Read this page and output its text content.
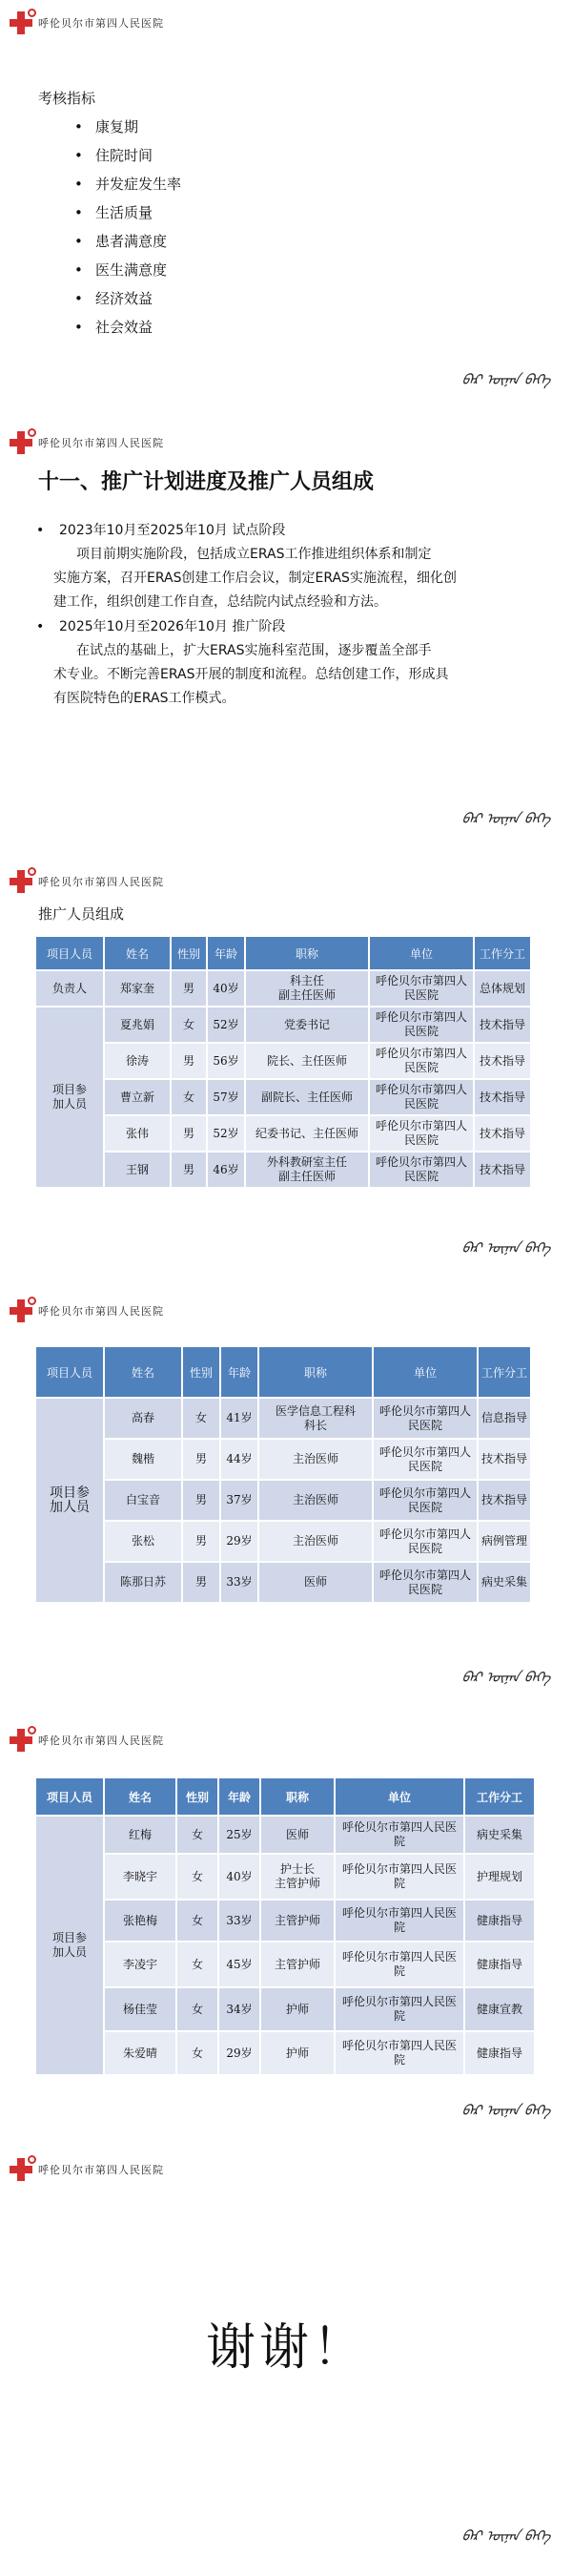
呼伦贝尔市第四人民医院
考核指标
• 康复期
• 住院时间
• 并发症发生率
• 生活质量
• 患者满意度
• 医生满意度
• 经济效益
• 社会效益
ᠪᠠᠷ ᠦᠨᠡᠨ ᠪᠡᠭᠡ
呼伦贝尔市第四人民医院
十一、推广计划进度及推广人员组成
• 2023年10月至2025年10月 试点阶段
项目前期实施阶段，包括成立ERAS工作推进组织体系和制定
实施方案，召开ERAS创建工作启会议，制定ERAS实施流程，细化创
建工作，组织创建工作自查，总结院内试点经验和方法。
• 2025年10月至2026年10月 推广阶段
在试点的基础上，扩大ERAS实施科室范围，逐步覆盖全部手
术专业。不断完善ERAS开展的制度和流程。总结创建工作，形成具
有医院特色的ERAS工作模式。
ᠪᠠᠷ ᠦᠨᠡᠨ ᠪᠡᠭᠡ
呼伦贝尔市第四人民医院
推广人员组成
项目人员	姓名	性别	年龄	职称	单位	工作分工
负责人	郑家奎	男	40岁	科主任
副主任医师	呼伦贝尔市第四人民医院	总体规划
项目参加人员	夏兆娟	女	52岁	党委书记	呼伦贝尔市第四人民医院	技术指导
	徐涛	男	56岁	院长、主任医师	呼伦贝尔市第四人民医院	技术指导
	曹立新	女	57岁	副院长、主任医师	呼伦贝尔市第四人民医院	技术指导
	张伟	男	52岁	纪委书记、主任医师	呼伦贝尔市第四人民医院	技术指导
	王钢	男	46岁	外科教研室主任
副主任医师	呼伦贝尔市第四人民医院	技术指导
ᠪᠠᠷ ᠦᠨᠡᠨ ᠪᠡᠭᠡ
呼伦贝尔市第四人民医院
项目人员	姓名	性别	年龄	职称	单位	工作分工
项目参加人员	高春	女	41岁	医学信息工程科
科长	呼伦贝尔市第四人民医院	信息指导
	魏楷	男	44岁	主治医师	呼伦贝尔市第四人民医院	技术指导
	白宝音	男	37岁	主治医师	呼伦贝尔市第四人民医院	技术指导
	张松	男	29岁	主治医师	呼伦贝尔市第四人民医院	病例管理
	陈那日苏	男	33岁	医师	呼伦贝尔市第四人民医院	病史采集
ᠪᠠᠷ ᠦᠨᠡᠨ ᠪᠡᠭᠡ
呼伦贝尔市第四人民医院
项目人员	姓名	性别	年龄	职称	单位	工作分工
项目参加人员	红梅	女	25岁	医师	呼伦贝尔市第四人民医院	病史采集
	李晓宇	女	40岁	护士长
主管护师	呼伦贝尔市第四人民医院	护理规划
	张艳梅	女	33岁	主管护师	呼伦贝尔市第四人民医院	健康指导
	李凌宇	女	45岁	主管护师	呼伦贝尔市第四人民医院	健康指导
	杨佳莹	女	34岁	护师	呼伦贝尔市第四人民医院	健康宣教
	朱爱晴	女	29岁	护师	呼伦贝尔市第四人民医院	健康指导
ᠪᠠᠷ ᠦᠨᠡᠨ ᠪᠡᠭᠡ
呼伦贝尔市第四人民医院
谢谢！
ᠪᠠᠷ ᠦᠨᠡᠨ ᠪᠡᠭᠡ
